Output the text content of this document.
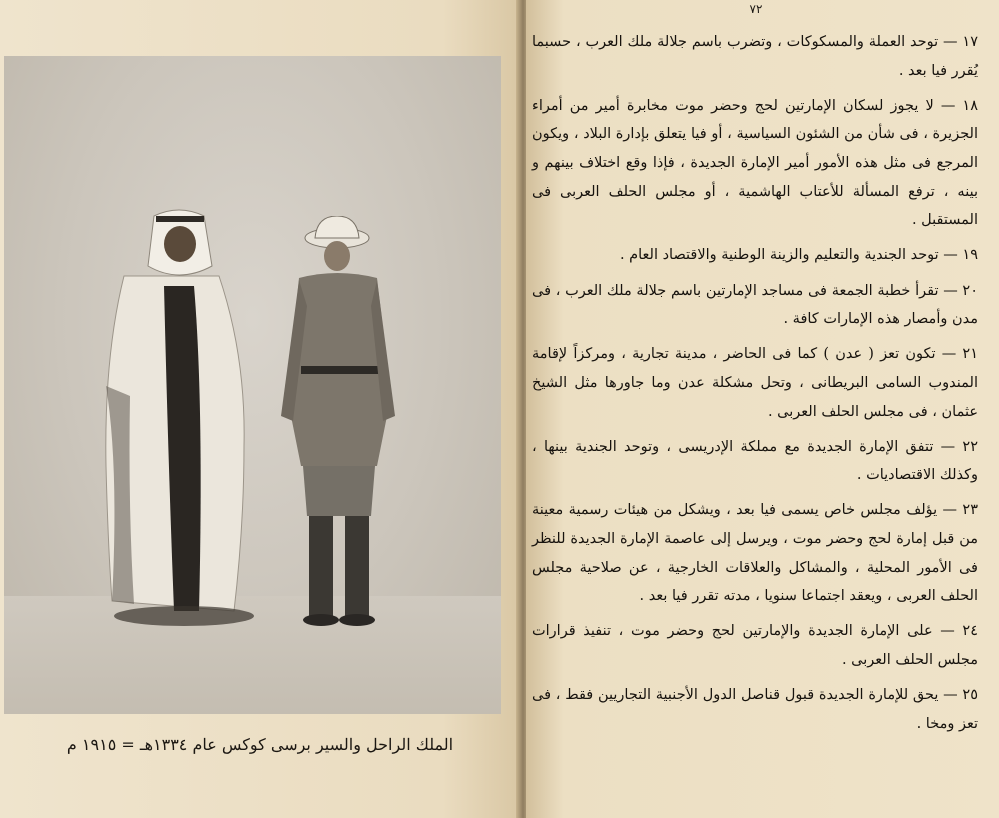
الملك الراحل والسير برسى كوكس عام ١٣٣٤هـ = ١٩١٥ م
٧٢

١٧ — توحد العملة والمسكوكات ، وتضرب باسم جلالة ملك العرب ، حسبما يُقرر فيا بعد .

١٨ — لا يجوز لسكان الإمارتين لحج وحضر موت مخابرة أمير من أمراء الجزيرة ، فى شأن من الشئون السياسية ، أو فيا يتعلق بإدارة البلاد ، ويكون المرجع فى مثل هذه الأمور أمير الإمارة الجديدة ، فإذا وقع اختلاف بينهم و بينه ، ترفع المسألة للأعتاب الهاشمية ، أو مجلس الحلف العربى فى المستقبل .

١٩ — توحد الجندية والتعليم والزينة الوطنية والاقتصاد العام .

٢٠ — تقرأ خطبة الجمعة فى مساجد الإمارتين باسم جلالة ملك العرب ، فى مدن وأمصار هذه الإمارات كافة .

٢١ — تكون تعز ( عدن ) كما فى الحاضر ، مدينة تجارية ، ومركزاً لإقامة المندوب السامى البريطانى ، وتحل مشكلة عدن وما جاورها مثل الشيخ عثمان ، فى مجلس الحلف العربى .

٢٢ — تتفق الإمارة الجديدة مع مملكة الإدريسى ، وتوحد الجندية بينها ، وكذلك الاقتصاديات .

٢٣ — يؤلف مجلس خاص يسمى فيا بعد ، ويشكل من هيئات رسمية معينة من قبل إمارة لحج وحضر موت ، ويرسل إلى عاصمة الإمارة الجديدة للنظر فى الأمور المحلية ، والمشاكل والعلاقات الخارجية ، عن صلاحية مجلس الحلف العربى ، ويعقد اجتماعا سنويا ، مدته تقرر فيا بعد .

٢٤ — على الإمارة الجديدة والإمارتين لحج وحضر موت ، تنفيذ قرارات مجلس الحلف العربى .

٢٥ — يحق للإمارة الجديدة قبول قناصل الدول الأجنبية التجاريين فقط ، فى تعز ومخا .
